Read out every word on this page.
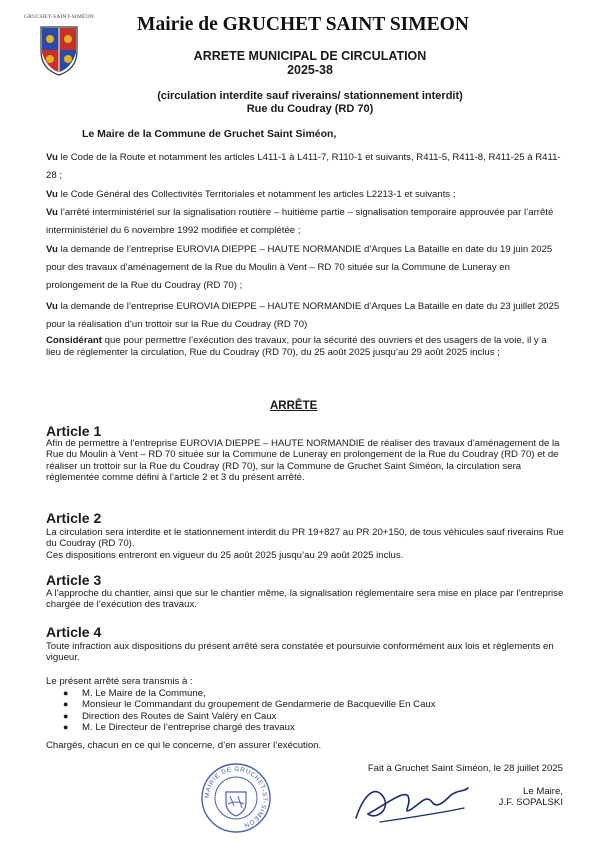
GRUCHET-SAINT-SIMÉON	Mairie de GRUCHET SAINT SIMEON
ARRETE MUNICIPAL DE CIRCULATION
2025-38
(circulation interdite sauf riverains/ stationnement interdit)
Rue du Coudray (RD 70)
Le Maire de la Commune de Gruchet Saint Siméon,
Vu le Code de la Route et notamment les articles L411-1 à L411-7, R110-1 et suivants, R411-5, R411-8, R411-25 à R411-28 ;
Vu le Code Général des Collectivités Territoriales et notamment les articles L2213-1 et suivants ;
Vu l’arrêté interministériel sur la signalisation routière – huitième partie – signalisation temporaire approuvée par l’arrêté interministériel du 6 novembre 1992 modifiée et complétée ;
Vu la demande de l’entreprise EUROVIA DIEPPE – HAUTE NORMANDIE d’Arques La Bataille en date du 19 juin 2025 pour des travaux d’aménagement de la Rue du Moulin à Vent – RD 70 située sur la Commune de Luneray en prolongement de la Rue du Coudray (RD 70) ;
Vu la demande de l’entreprise EUROVIA DIEPPE – HAUTE NORMANDIE d’Arques La Bataille en date du 23 juillet 2025 pour la réalisation d’un trottoir sur la Rue du Coudray (RD 70)
Considérant que pour permettre l’exécution des travaux, pour la sécurité des ouvriers et des usagers de la voie, il y a lieu de réglementer la circulation, Rue du Coudray (RD 70), du 25 août 2025 jusqu’au 29 août 2025 inclus ;
ARRÊTE
Article 1
Afin de permettre à l’entreprise EUROVIA DIEPPE – HAUTE NORMANDIE de réaliser des travaux d’aménagement de la Rue du Moulin à Vent – RD 70 située sur la Commune de Luneray en prolongement de la Rue du Coudray (RD 70) et de réaliser un trottoir sur la Rue du Coudray (RD 70), sur la Commune de Gruchet Saint Siméon, la circulation sera réglementée comme défini à l’article 2 et 3 du présent arrêté.
Article 2
La circulation sera interdite et le stationnement interdit du PR 19+827 au PR 20+150, de tous véhicules sauf riverains Rue du Coudray (RD 70).
Ces dispositions entreront en vigueur du 25 août 2025 jusqu’au 29 août 2025 inclus.
Article 3
A l’approche du chantier, ainsi que sur le chantier même, la signalisation réglementaire sera mise en place par l’entreprise chargée de l’exécution des travaux.
Article 4
Toute infraction aux dispositions du présent arrêté sera constatée et poursuivie conformément aux lois et règlements en vigueur.
Le présent arrêté sera transmis à :
● M. Le Maire de la Commune,
● Monsieur le Commandant du groupement de Gendarmerie de Bacqueville En Caux
● Direction des Routes de Saint Valéry en Caux
● M. Le Directeur de l’entreprise chargé des travaux
Chargés, chacun en ce qui le concerne, d’en assurer l’exécution.
Fait à Gruchet Saint Siméon, le 28 juillet 2025
Le Maire,
J.F. SOPALSKI
MAIRIE DE GRUCHET-ST-SIMÉON
